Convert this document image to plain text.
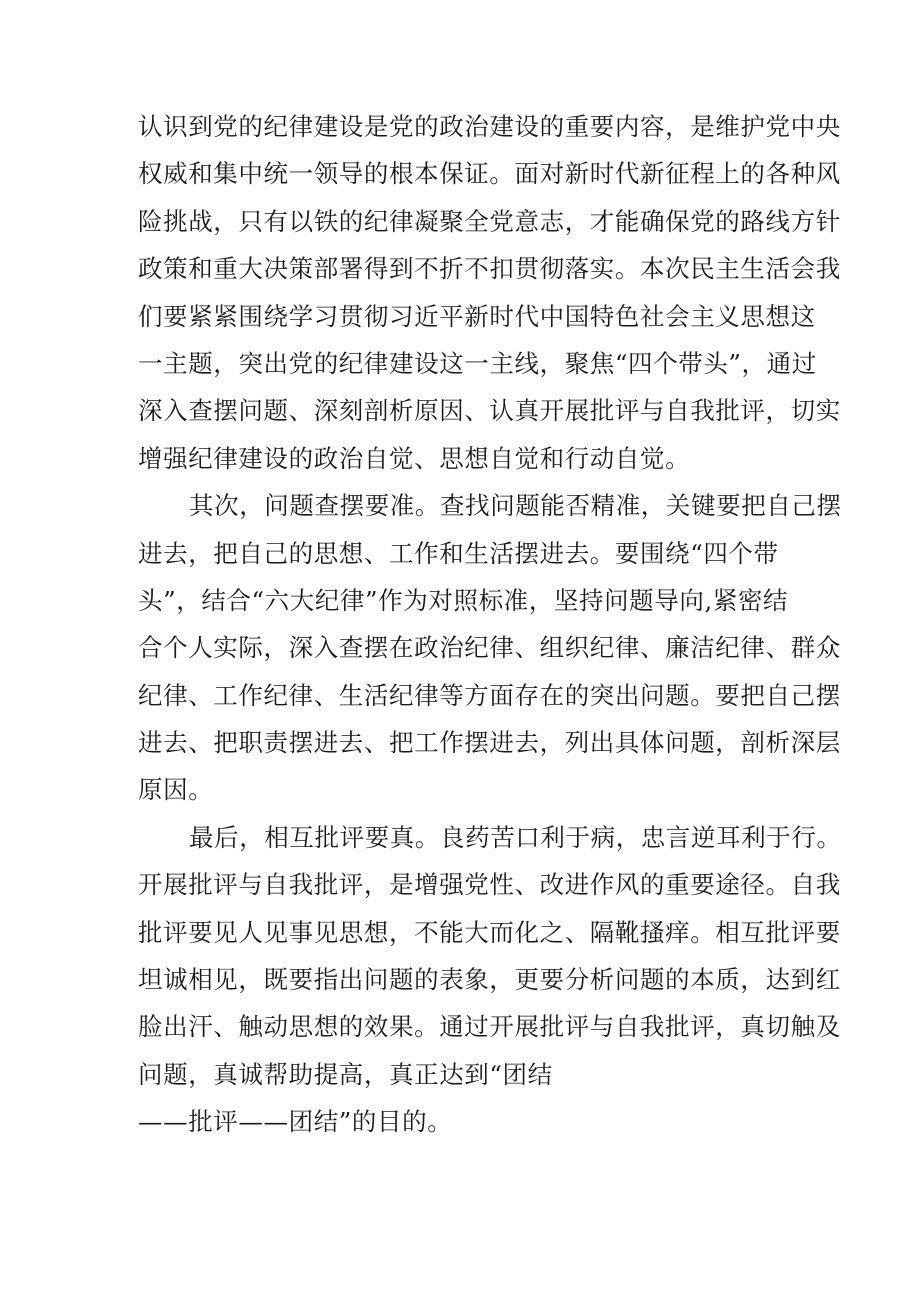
认识到党的纪律建设是党的政治建设的重要内容，是维护党中央
权威和集中统一领导的根本保证。面对新时代新征程上的各种风
险挑战，只有以铁的纪律凝聚全党意志，才能确保党的路线方针
政策和重大决策部署得到不折不扣贯彻落实。本次民主生活会我
们要紧紧围绕学习贯彻习近平新时代中国特色社会主义思想这
一主题，突出党的纪律建设这一主线，聚焦“四个带头”，通过
深入查摆问题、深刻剖析原因、认真开展批评与自我批评，切实
增强纪律建设的政治自觉、思想自觉和行动自觉。
其次，问题查摆要准。查找问题能否精准，关键要把自己摆
进去，把自己的思想、工作和生活摆进去。要围绕“四个带
头”，结合“六大纪律”作为对照标准，坚持问题导向,紧密结
合个人实际，深入查摆在政治纪律、组织纪律、廉洁纪律、群众
纪律、工作纪律、生活纪律等方面存在的突出问题。要把自己摆
进去、把职责摆进去、把工作摆进去，列出具体问题，剖析深层
原因。
最后，相互批评要真。良药苦口利于病，忠言逆耳利于行。
开展批评与自我批评，是增强党性、改进作风的重要途径。自我
批评要见人见事见思想，不能大而化之、隔靴搔痒。相互批评要
坦诚相见，既要指出问题的表象，更要分析问题的本质，达到红
脸出汗、触动思想的效果。通过开展批评与自我批评，真切触及
问题，真诚帮助提高，真正达到“团结
——批评——团结”的目的。
